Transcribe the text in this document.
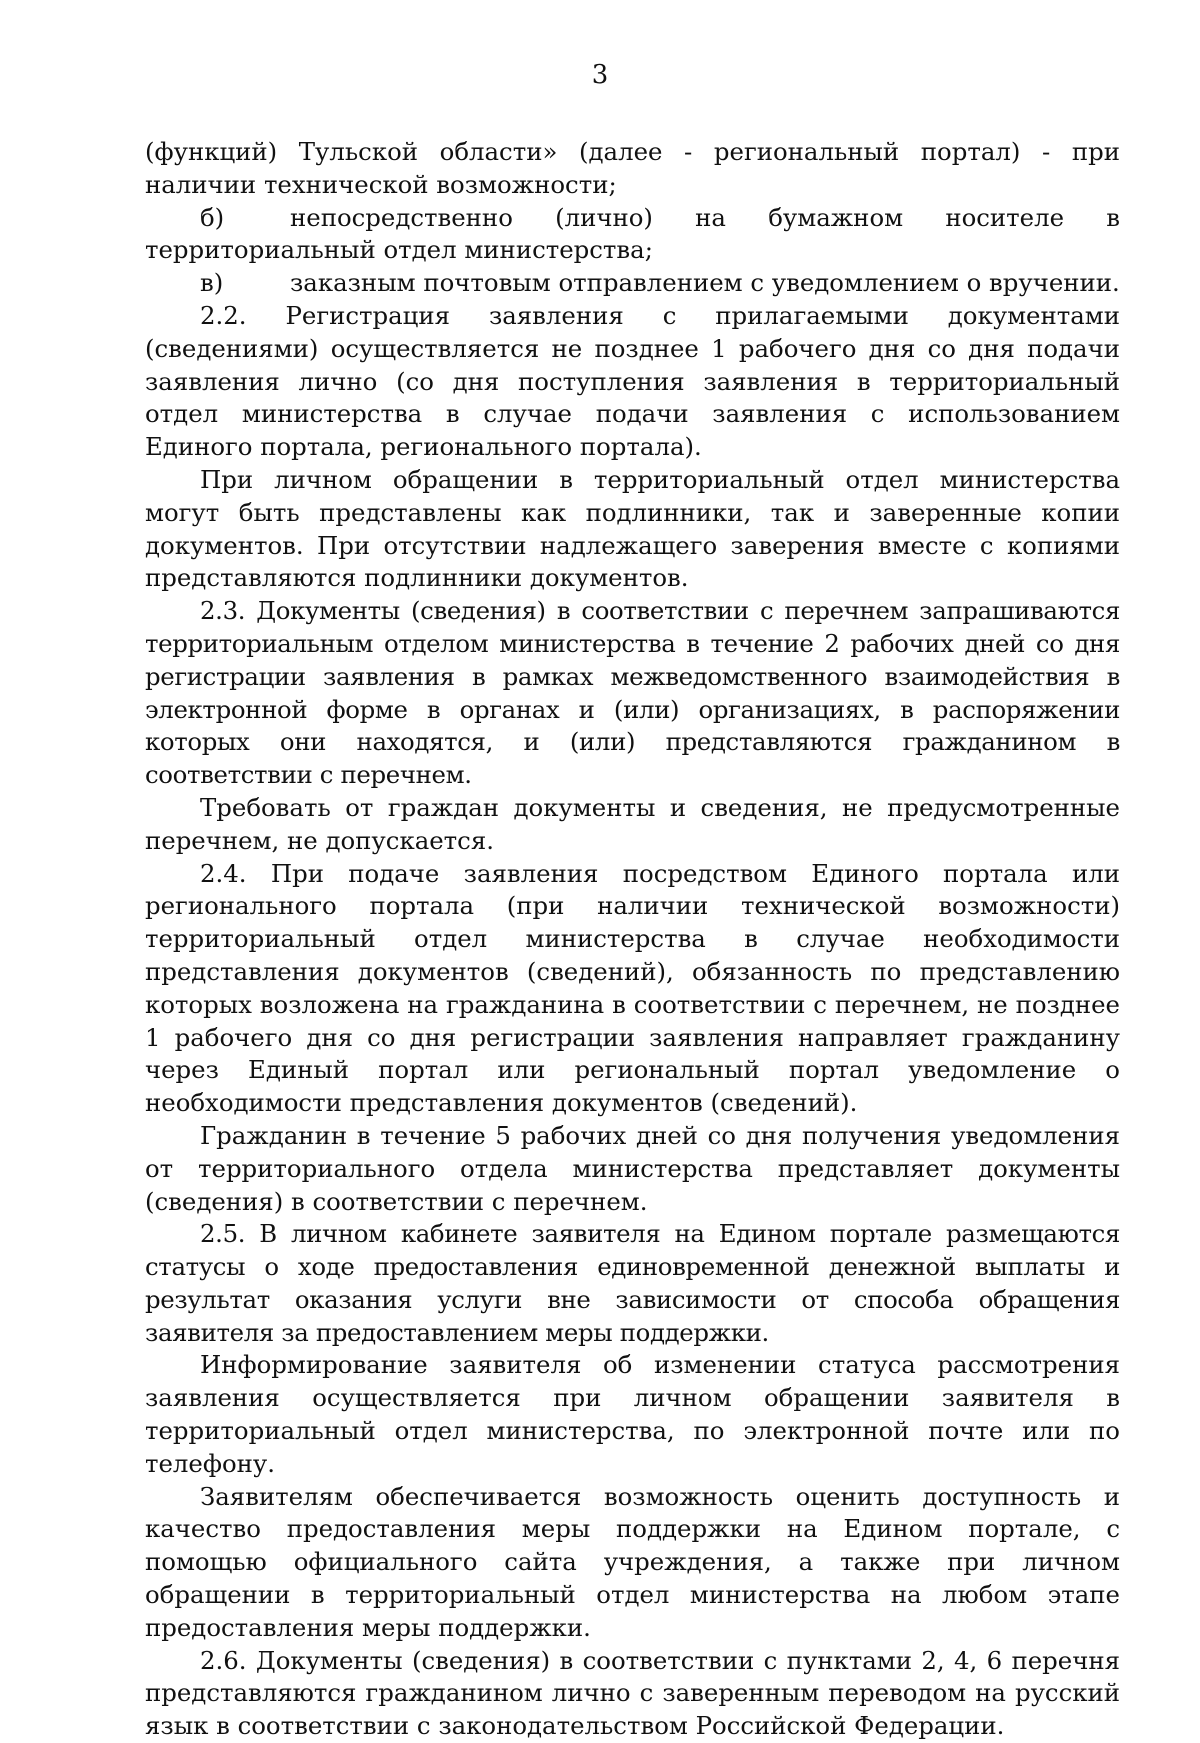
3

(функций) Тульской области» (далее - региональный портал) - при наличии технической возможности;

б)	непосредственно (лично) на бумажном носителе в территориальный отдел министерства;

в)	заказным почтовым отправлением с уведомлением о вручении.

2.2. Регистрация заявления с прилагаемыми документами (сведениями) осуществляется не позднее 1 рабочего дня со дня подачи заявления лично (со дня поступления заявления в территориальный отдел министерства в случае подачи заявления с использованием Единого портала, регионального портала).

При личном обращении в территориальный отдел министерства могут быть представлены как подлинники, так и заверенные копии документов. При отсутствии надлежащего заверения вместе с копиями представляются подлинники документов.

2.3. Документы (сведения) в соответствии с перечнем запрашиваются территориальным отделом министерства в течение 2 рабочих дней со дня регистрации заявления в рамках межведомственного взаимодействия в электронной форме в органах и (или) организациях, в распоряжении которых они находятся, и (или) представляются гражданином в соответствии с перечнем.

Требовать от граждан документы и сведения, не предусмотренные перечнем, не допускается.

2.4. При подаче заявления посредством Единого портала или регионального портала (при наличии технической возможности) территориальный отдел министерства в случае необходимости представления документов (сведений), обязанность по представлению которых возложена на гражданина в соответствии с перечнем, не позднее 1 рабочего дня со дня регистрации заявления направляет гражданину через Единый портал или региональный портал уведомление о необходимости представления документов (сведений).

Гражданин в течение 5 рабочих дней со дня получения уведомления от территориального отдела министерства представляет документы (сведения) в соответствии с перечнем.

2.5. В личном кабинете заявителя на Едином портале размещаются статусы о ходе предоставления единовременной денежной выплаты и результат оказания услуги вне зависимости от способа обращения заявителя за предоставлением меры поддержки.

Информирование заявителя об изменении статуса рассмотрения заявления осуществляется при личном обращении заявителя в территориальный отдел министерства, по электронной почте или по телефону.

Заявителям обеспечивается возможность оценить доступность и качество предоставления меры поддержки на Едином портале, с помощью официального сайта учреждения, а также при личном обращении в территориальный отдел министерства на любом этапе предоставления меры поддержки.

2.6. Документы (сведения) в соответствии с пунктами 2, 4, 6 перечня представляются гражданином лично с заверенным переводом на русский язык в соответствии с законодательством Российской Федерации.
